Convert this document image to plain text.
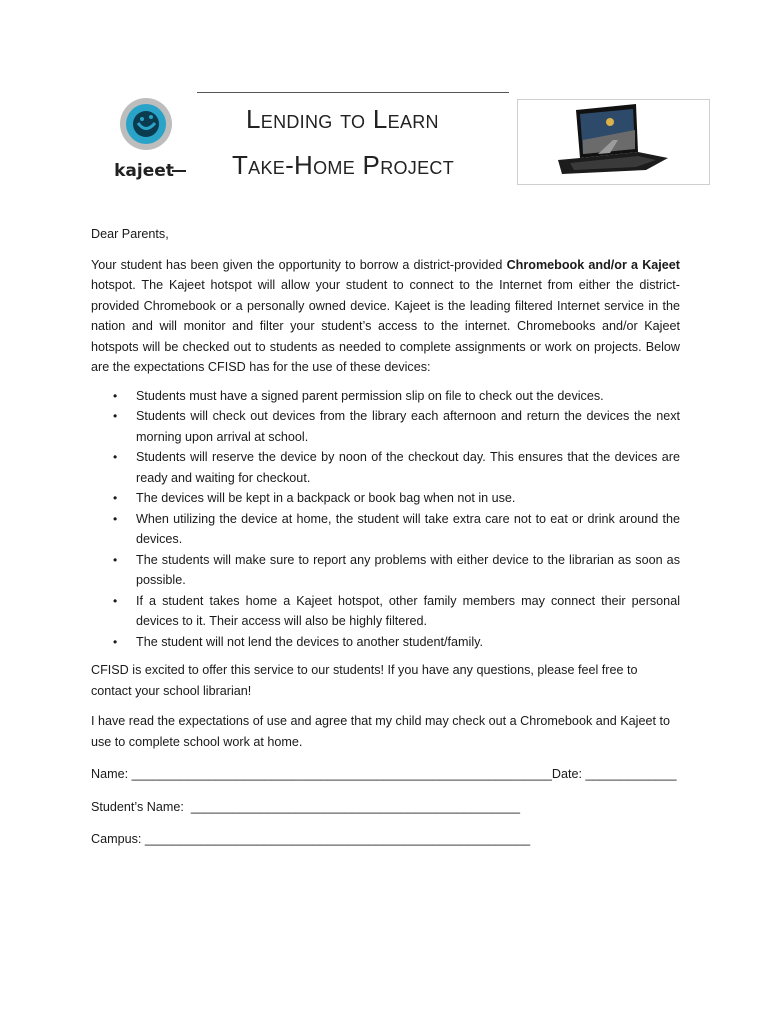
kajeet
Lending to Learn
Take-Home Project

Dear Parents,

Your student has been given the opportunity to borrow a district-provided Chromebook and/or a Kajeet hotspot. The Kajeet hotspot will allow your student to connect to the Internet from either the district-provided Chromebook or a personally owned device. Kajeet is the leading filtered Internet service in the nation and will monitor and filter your student’s access to the internet. Chromebooks and/or Kajeet hotspots will be checked out to students as needed to complete assignments or work on projects. Below are the expectations CFISD has for the use of these devices:

• Students must have a signed parent permission slip on file to check out the devices.
• Students will check out devices from the library each afternoon and return the devices the next morning upon arrival at school.
• Students will reserve the device by noon of the checkout day. This ensures that the devices are ready and waiting for checkout.
• The devices will be kept in a backpack or book bag when not in use.
• When utilizing the device at home, the student will take extra care not to eat or drink around the devices.
• The students will make sure to report any problems with either device to the librarian as soon as possible.
• If a student takes home a Kajeet hotspot, other family members may connect their personal devices to it. Their access will also be highly filtered.
• The student will not lend the devices to another student/family.

CFISD is excited to offer this service to our students! If you have any questions, please feel free to contact your school librarian!

I have read the expectations of use and agree that my child may check out a Chromebook and Kajeet to use to complete school work at home.

Name: ____________________________________________________________Date: _____________

Student’s Name: _______________________________________________

Campus: _______________________________________________________
